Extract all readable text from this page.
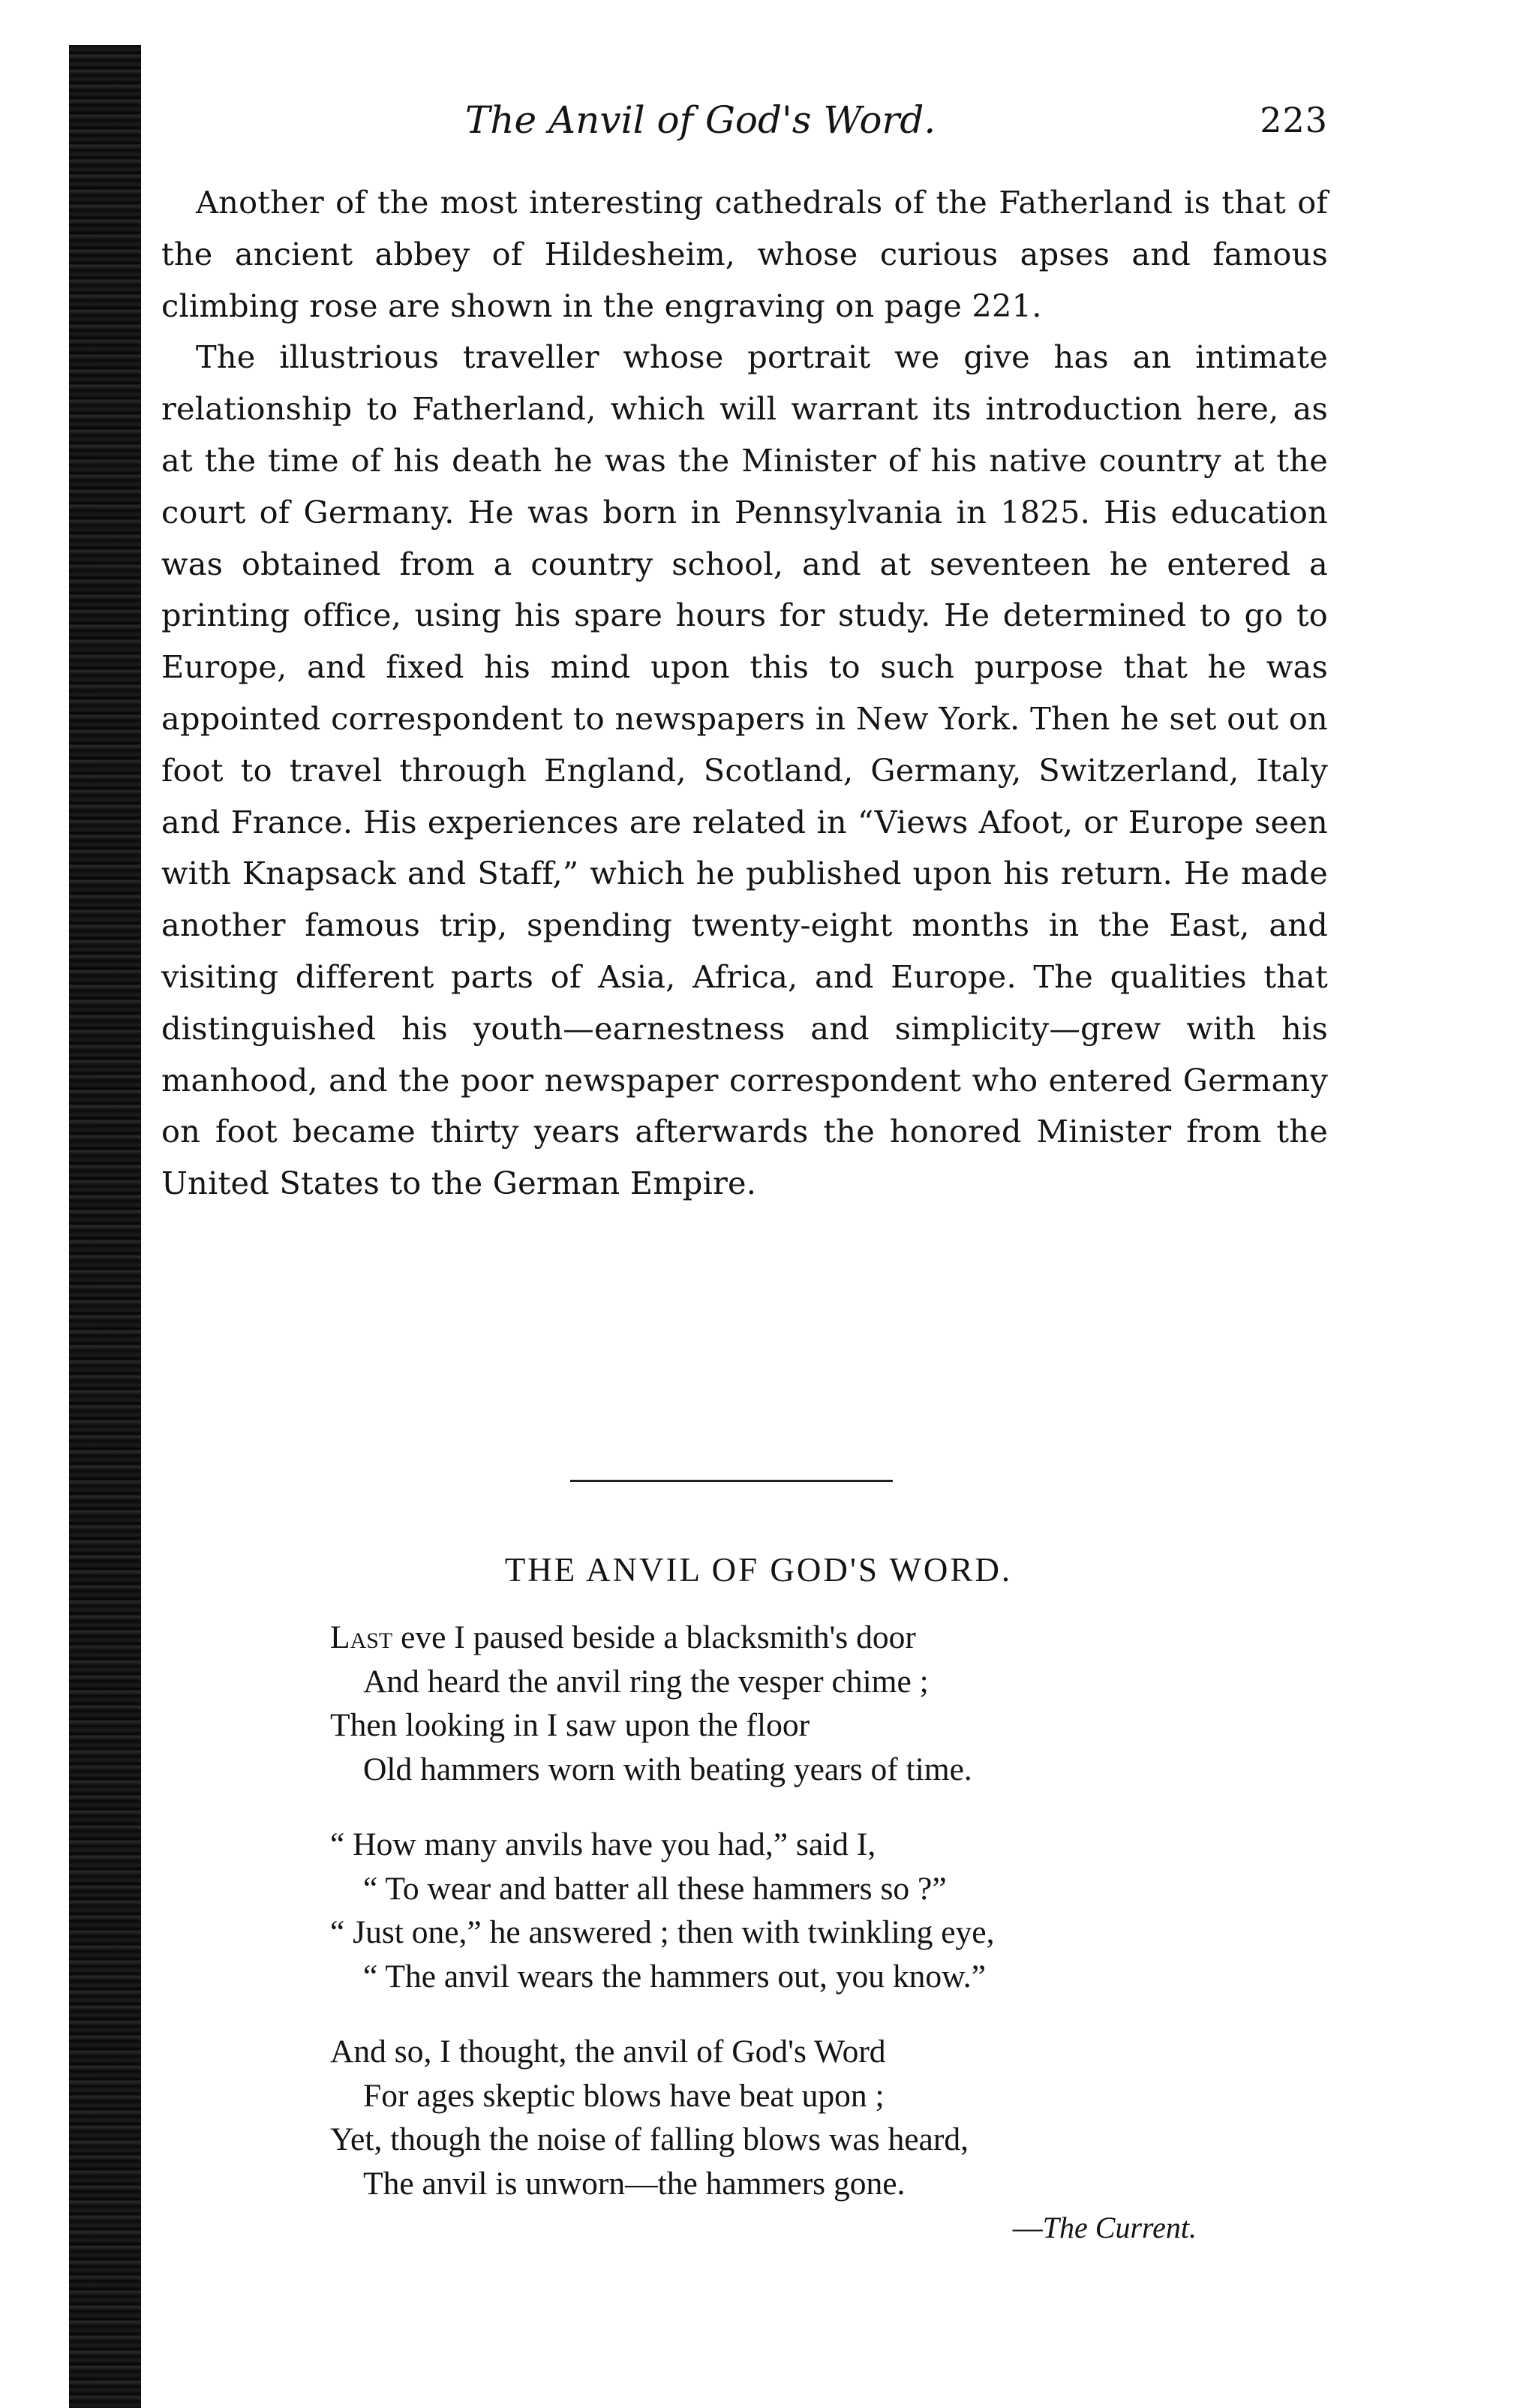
The Anvil of God's Word.	223

Another of the most interesting cathedrals of the Fatherland is that of the ancient abbey of Hildesheim, whose curious apses and famous climbing rose are shown in the engraving on page 221.

The illustrious traveller whose portrait we give has an intimate relationship to Fatherland, which will warrant its introduction here, as at the time of his death he was the Minister of his native country at the court of Germany. He was born in Pennsylvania in 1825. His education was obtained from a country school, and at seventeen he entered a printing office, using his spare hours for study. He determined to go to Europe, and fixed his mind upon this to such purpose that he was appointed correspondent to newspapers in New York. Then he set out on foot to travel through England, Scotland, Germany, Switzerland, Italy and France. His experiences are related in “Views Afoot, or Europe seen with Knapsack and Staff,” which he published upon his return. He made another famous trip, spending twenty-eight months in the East, and visiting different parts of Asia, Africa, and Europe. The qualities that distinguished his youth—earnestness and simplicity—grew with his manhood, and the poor newspaper correspondent who entered Germany on foot became thirty years afterwards the honored Minister from the United States to the German Empire.

THE ANVIL OF GOD'S WORD.
Last eve I paused beside a blacksmith's door
And heard the anvil ring the vesper chime ;
Then looking in I saw upon the floor
Old hammers worn with beating years of time.
“ How many anvils have you had,” said I,
“ To wear and batter all these hammers so ?”
“ Just one,” he answered ; then with twinkling eye,
“ The anvil wears the hammers out, you know.”
And so, I thought, the anvil of God's Word
For ages skeptic blows have beat upon ;
Yet, though the noise of falling blows was heard,
The anvil is unworn—the hammers gone.
—The Current.
